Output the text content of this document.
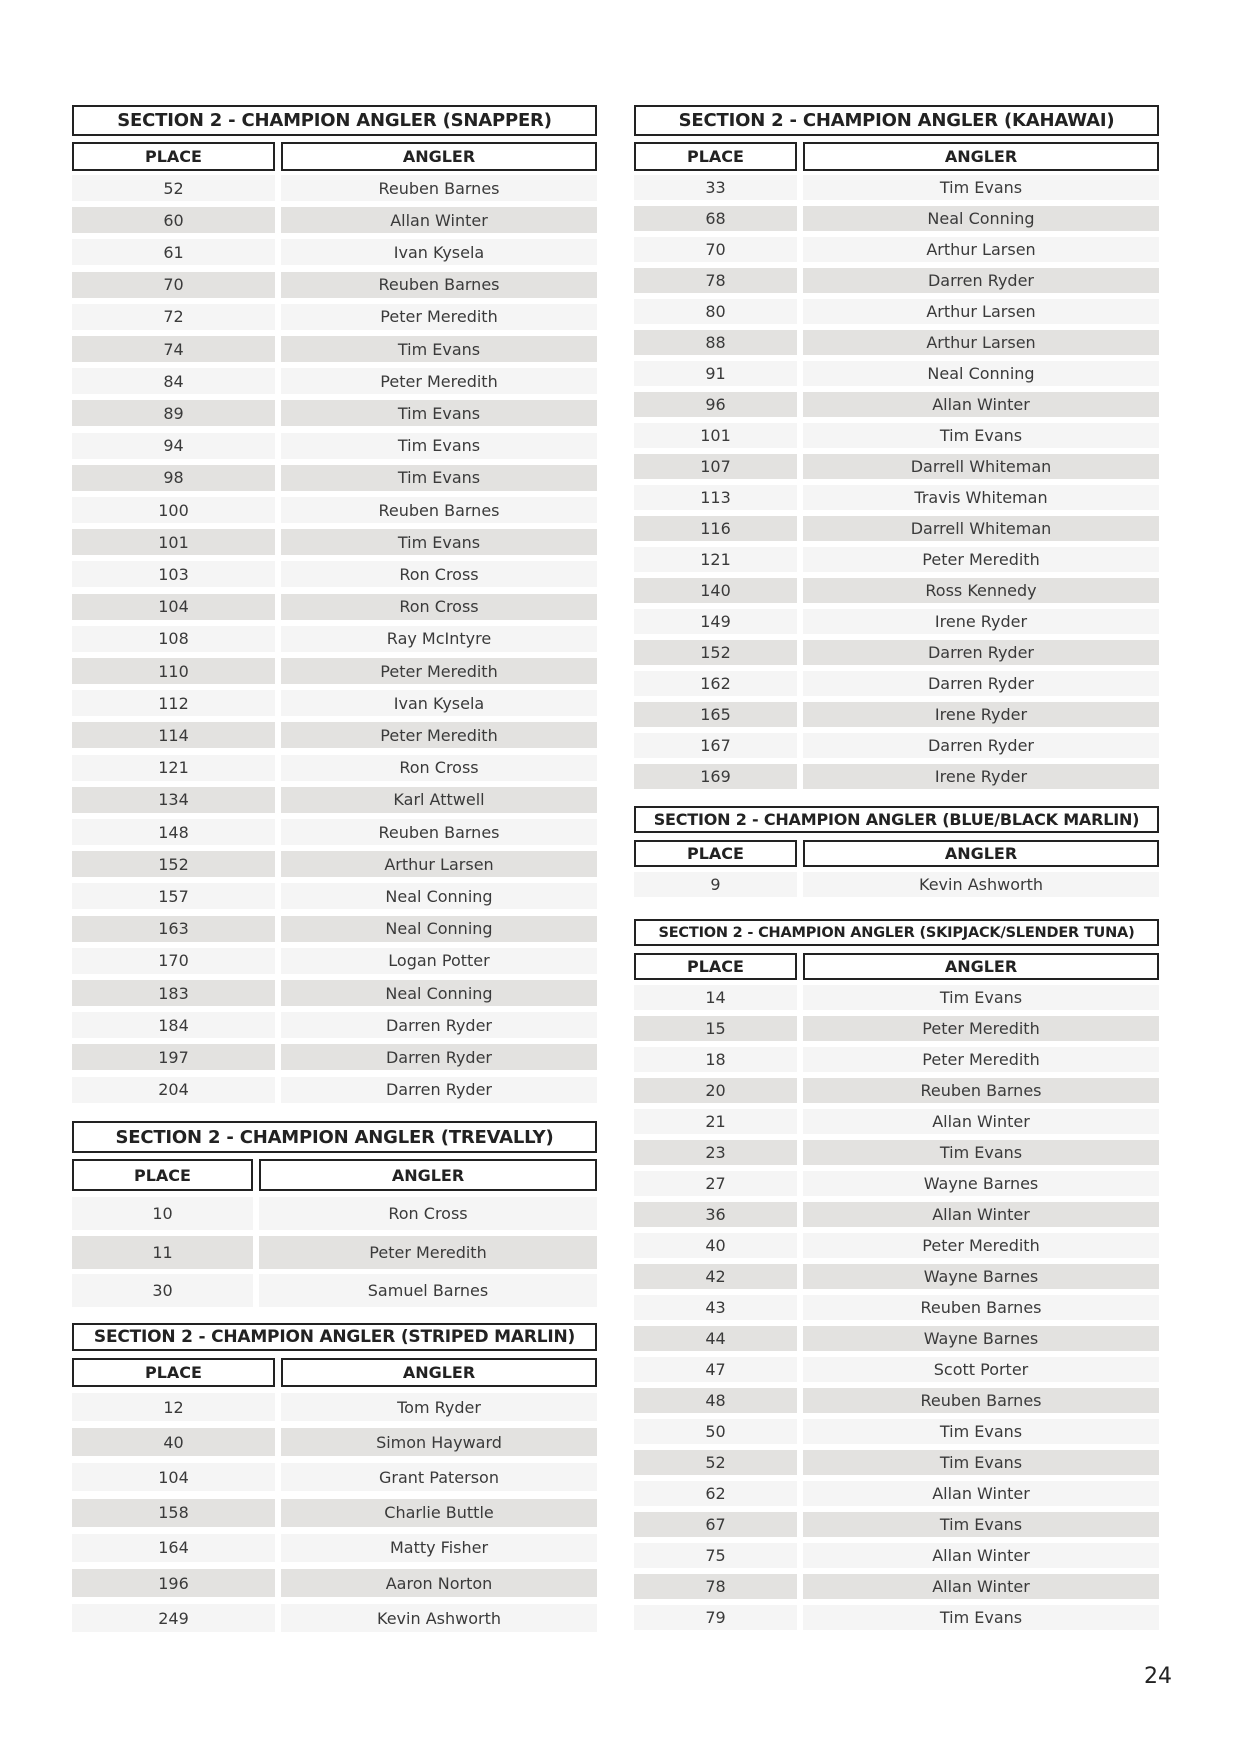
SECTION 2 - CHAMPION ANGLER (SNAPPER)
PLACE	ANGLER
52	Reuben Barnes
60	Allan Winter
61	Ivan Kysela
70	Reuben Barnes
72	Peter Meredith
74	Tim Evans
84	Peter Meredith
89	Tim Evans
94	Tim Evans
98	Tim Evans
100	Reuben Barnes
101	Tim Evans
103	Ron Cross
104	Ron Cross
108	Ray McIntyre
110	Peter Meredith
112	Ivan Kysela
114	Peter Meredith
121	Ron Cross
134	Karl Attwell
148	Reuben Barnes
152	Arthur Larsen
157	Neal Conning
163	Neal Conning
170	Logan Potter
183	Neal Conning
184	Darren Ryder
197	Darren Ryder
204	Darren Ryder
SECTION 2 - CHAMPION ANGLER (TREVALLY)
PLACE	ANGLER
10	Ron Cross
11	Peter Meredith
30	Samuel Barnes
SECTION 2 - CHAMPION ANGLER (STRIPED MARLIN)
PLACE	ANGLER
12	Tom Ryder
40	Simon Hayward
104	Grant Paterson
158	Charlie Buttle
164	Matty Fisher
196	Aaron Norton
249	Kevin Ashworth
SECTION 2 - CHAMPION ANGLER (KAHAWAI)
PLACE	ANGLER
33	Tim Evans
68	Neal Conning
70	Arthur Larsen
78	Darren Ryder
80	Arthur Larsen
88	Arthur Larsen
91	Neal Conning
96	Allan Winter
101	Tim Evans
107	Darrell Whiteman
113	Travis Whiteman
116	Darrell Whiteman
121	Peter Meredith
140	Ross Kennedy
149	Irene Ryder
152	Darren Ryder
162	Darren Ryder
165	Irene Ryder
167	Darren Ryder
169	Irene Ryder
SECTION 2 - CHAMPION ANGLER (BLUE/BLACK MARLIN)
PLACE	ANGLER
9	Kevin Ashworth
SECTION 2 - CHAMPION ANGLER (SKIPJACK/SLENDER TUNA)
PLACE	ANGLER
14	Tim Evans
15	Peter Meredith
18	Peter Meredith
20	Reuben Barnes
21	Allan Winter
23	Tim Evans
27	Wayne Barnes
36	Allan Winter
40	Peter Meredith
42	Wayne Barnes
43	Reuben Barnes
44	Wayne Barnes
47	Scott Porter
48	Reuben Barnes
50	Tim Evans
52	Tim Evans
62	Allan Winter
67	Tim Evans
75	Allan Winter
78	Allan Winter
79	Tim Evans
24
